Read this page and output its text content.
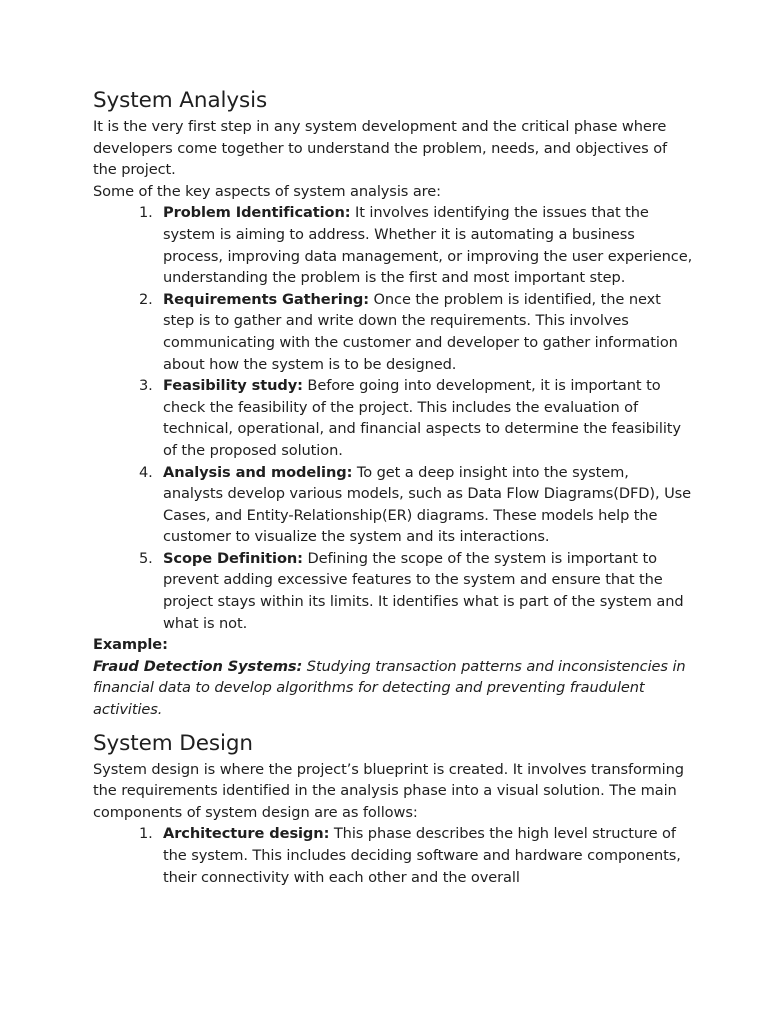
System Analysis

It is the very first step in any system development and the critical phase where developers come together to understand the problem, needs, and objectives of the project.

Some of the key aspects of system analysis are:

1. Problem Identification: It involves identifying the issues that the system is aiming to address. Whether it is automating a business process, improving data management, or improving the user experience, understanding the problem is the first and most important step.
2. Requirements Gathering: Once the problem is identified, the next step is to gather and write down the requirements. This involves communicating with the customer and developer to gather information about how the system is to be designed.
3. Feasibility study: Before going into development, it is important to check the feasibility of the project. This includes the evaluation of technical, operational, and financial aspects to determine the feasibility of the proposed solution.
4. Analysis and modeling: To get a deep insight into the system, analysts develop various models, such as Data Flow Diagrams(DFD), Use Cases, and Entity-Relationship(ER) diagrams. These models help the customer to visualize the system and its interactions.
5. Scope Definition: Defining the scope of the system is important to prevent adding excessive features to the system and ensure that the project stays within its limits. It identifies what is part of the system and what is not.

Example:

Fraud Detection Systems: Studying transaction patterns and inconsistencies in financial data to develop algorithms for detecting and preventing fraudulent activities.

System Design

System design is where the project’s blueprint is created. It involves transforming the requirements identified in the analysis phase into a visual solution. The main components of system design are as follows:

1. Architecture design: This phase describes the high level structure of the system. This includes deciding software and hardware components, their connectivity with each other and the overall
